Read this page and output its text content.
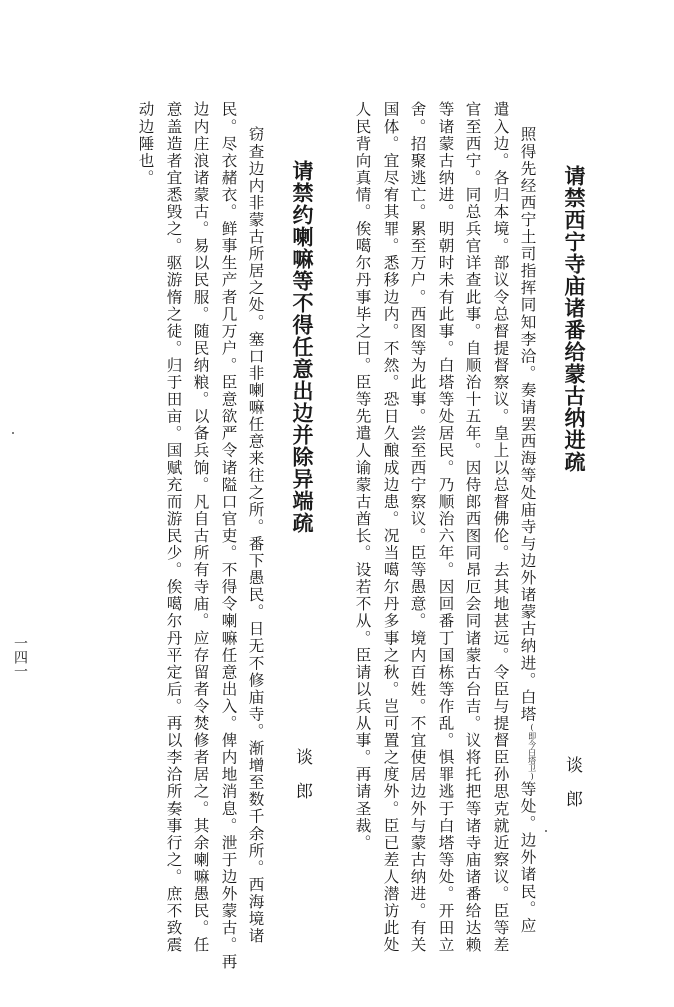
请禁西宁寺庙诸番给蒙古纳进疏
谈　郎
照得先经西宁土司指挥同知李洽。奏请罢西海等处庙寺与边外诸蒙古纳进。白塔(即今白塔卫)等处。边外诸民。应
遣入边。各归本境。部议令总督提督察议。皇上以总督佛伦。去其地甚远。令臣与提督臣孙思克就近察议。臣等差
官至西宁。同总兵官详查此事。自顺治十五年。因侍郎西图同昂厄会同诸蒙古台吉。议将托把等诸寺庙诸番给达赖
等诸蒙古纳进。明朝时未有此事。白塔等处居民。乃顺治六年。因回番丁国栋等作乱。惧罪逃于白塔等处。开田立
舍。招聚逃亡。累至万户。西图等为此事。尝至西宁察议。臣等愚意。境内百姓。不宜使居边外与蒙古纳进。有关
国体。宜尽宥其罪。悉移边内。不然。恐日久酿成边患。况当噶尔丹多事之秋。岂可置之度外。臣已差人潜访此处
人民背向真情。俟噶尔丹事毕之日。臣等先遣人谕蒙古酋长。设若不从。臣请以兵从事。再请圣裁。
请禁约喇嘛等不得任意出边并除异端疏
谈　郎
窃查边内非蒙古所居之处。塞口非喇嘛任意来往之所。番下愚民。日无不修庙寺。渐增至数千余所。西海境诸
民。尽衣赭衣。鲜事生产者几万户。臣意欲严令诸隘口官吏。不得令喇嘛任意出入。俾内地消息。泄于边外蒙古。再
边内庄浪诸蒙古。易以民服。随民纳粮。以备兵饷。凡自古所有寺庙。应存留者令焚修者居之。其余喇嘛愚民。任
意盖造者宜悉毁之。驱游惰之徒。归于田亩。国赋充而游民少。俟噶尔丹平定后。再以李洽所奏事行之。庶不致震
动边陲也。
一四一
